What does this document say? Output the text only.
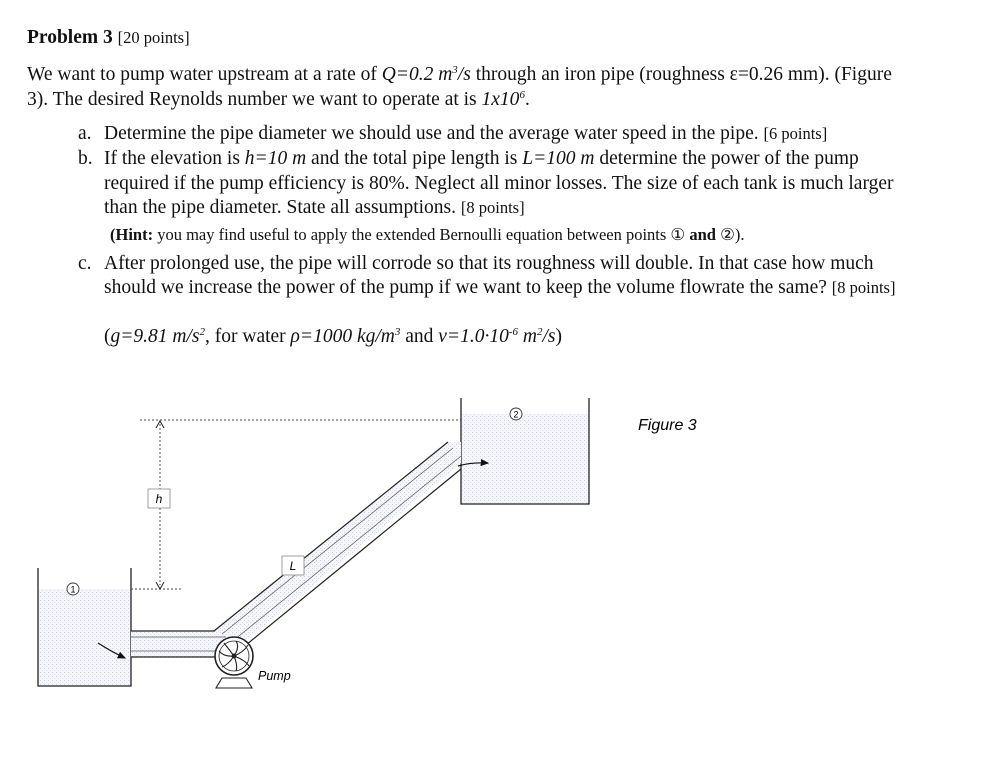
Problem 3 [20 points]
We want to pump water upstream at a rate of Q=0.2 $m^3/s$ through an iron pipe (roughness ε=0.26 mm). (Figure
3). The desired Reynolds number we want to operate at is $1x10^6$.
a. Determine the pipe diameter we should use and the average water speed in the pipe. [6 points]
b. If the elevation is h=10 m and the total pipe length is L=100 m determine the power of the pump
required if the pump efficiency is 80%. Neglect all minor losses. The size of each tank is much larger
than the pipe diameter. State all assumptions. [8 points]
(Hint: you may find useful to apply the extended Bernoulli equation between points ① and ②).
c. After prolonged use, the pipe will corrode so that its roughness will double. In that case how much
should we increase the power of the pump if we want to keep the volume flowrate the same? [8 points]
(g=9.81 $m/s^2$, for water ρ=1000 $kg/m^3$ and $\nu=1.0\cdot 10^{-6}$ $m^2/s$)
2
1
Pump
h
L
Figure 3
